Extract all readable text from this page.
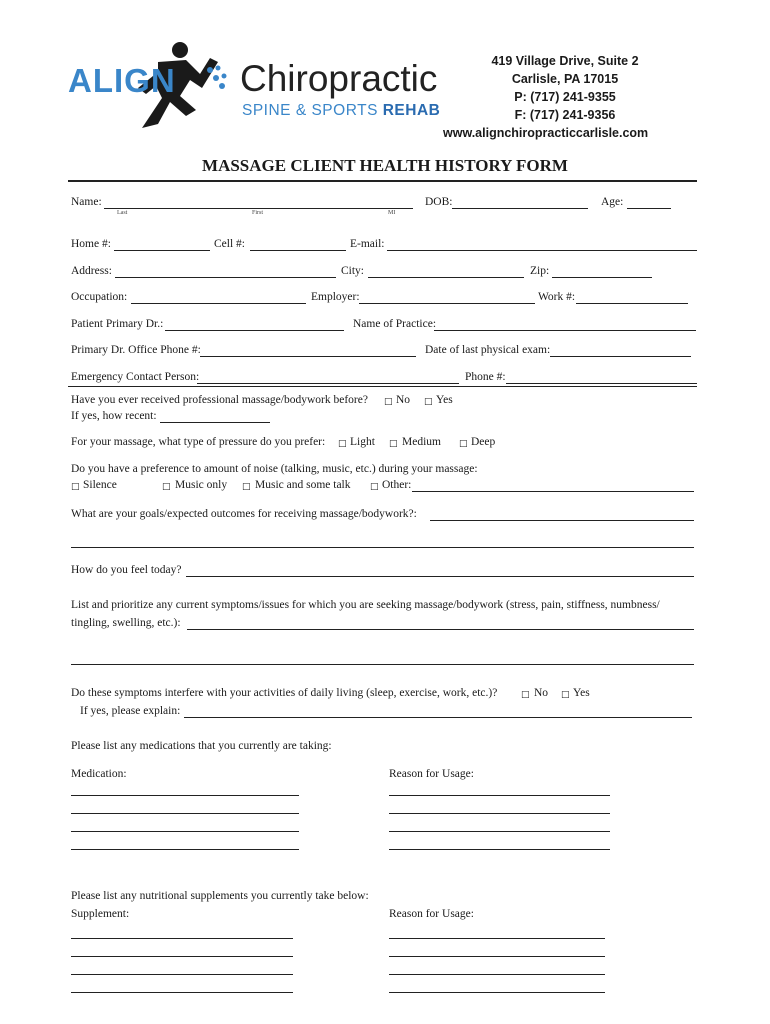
ALIGN Chiropractic
SPINE & SPORTS REHAB
419 Village Drive, Suite 2
Carlisle, PA 17015
P: (717) 241-9355
F: (717) 241-9356
www.alignchiropracticcarlisle.com
MASSAGE CLIENT HEALTH HISTORY FORM
Name:
Last	First	MI
DOB:	Age:
Home #:	Cell #:	E-mail:
Address:	City:	Zip:
Occupation:	Employer:	Work #:
Patient Primary Dr.:	Name of Practice:
Primary Dr. Office Phone #:	Date of last physical exam:
Emergency Contact Person:	Phone #:
Have you ever received professional massage/bodywork before? □ No □ Yes
If yes, how recent:
For your massage, what type of pressure do you prefer: □ Light □ Medium □ Deep
Do you have a preference to amount of noise (talking, music, etc.) during your massage:
□ Silence	□ Music only □ Music and some talk □ Other:
What are your goals/expected outcomes for receiving massage/bodywork?:
How do you feel today?
List and prioritize any current symptoms/issues for which you are seeking massage/bodywork (stress, pain, stiffness, numbness/
tingling, swelling, etc.):
Do these symptoms interfere with your activities of daily living (sleep, exercise, work, etc.)?	□ No □ Yes
If yes, please explain:
Please list any medications that you currently are taking:
Medication:	Reason for Usage:
Please list any nutritional supplements you currently take below:
Supplement:	Reason for Usage:
